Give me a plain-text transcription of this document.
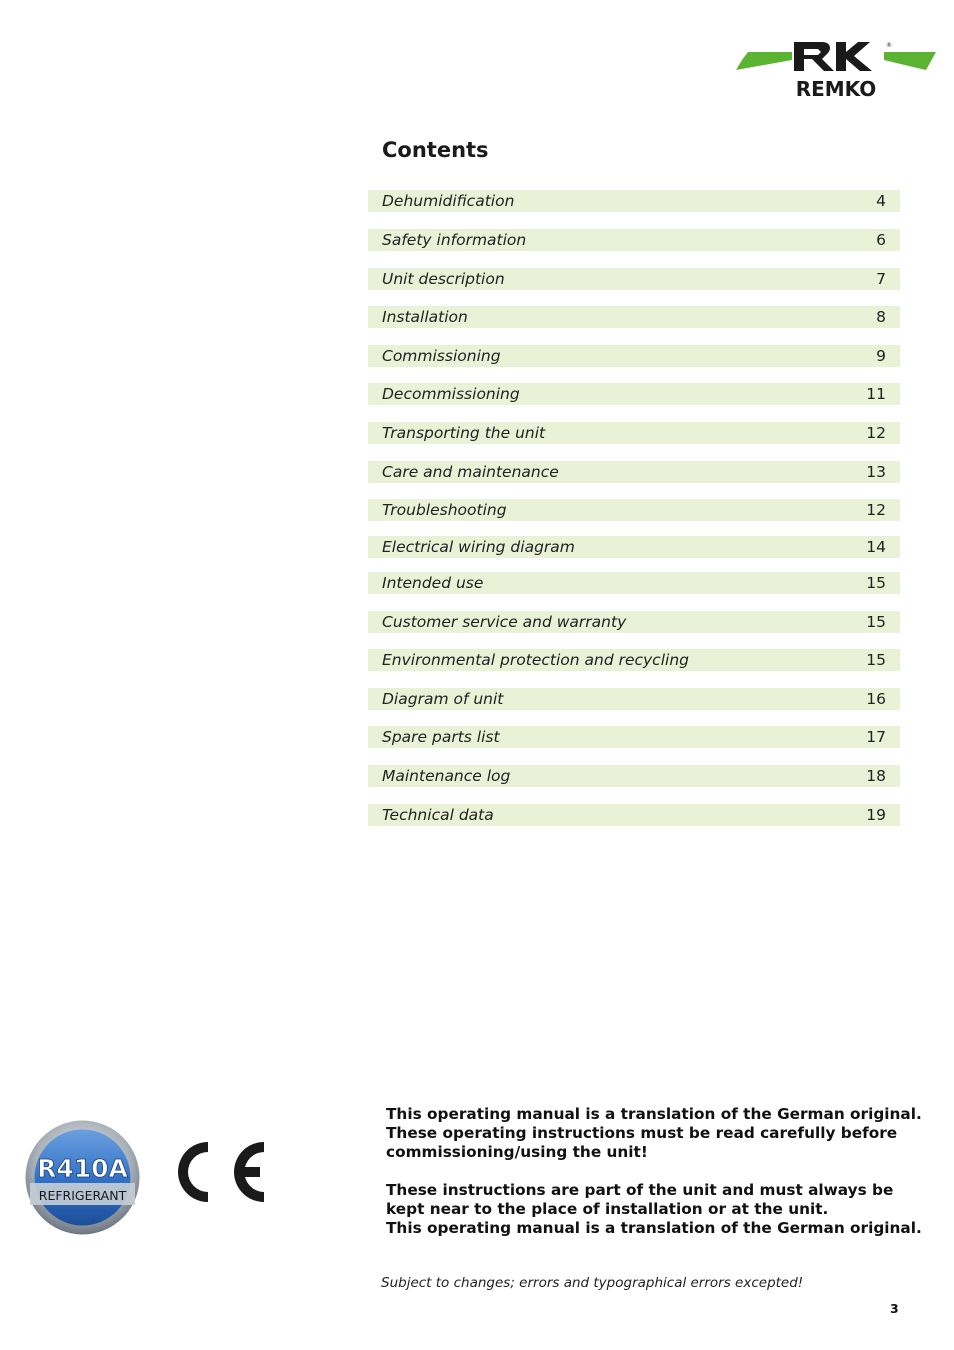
REMKO
®
Contents
Dehumidification	4
Safety information	6
Unit description	7
Installation	8
Commissioning	9
Decommissioning	11
Transporting the unit	12
Care and maintenance	13
Troubleshooting	12
Electrical wiring diagram	14
Intended use	15
Customer service and warranty	15
Environmental protection and recycling	15
Diagram of unit	16
Spare parts list	17
Maintenance log	18
Technical data	19
R410A
REFRIGERANT

This operating manual is a translation of the German original.

These operating instructions must be read carefully before

commissioning/using the unit!

These instructions are part of the unit and must always be

kept near to the place of installation or at the unit.

This operating manual is a translation of the German original.

Subject to changes; errors and typographical errors excepted!
3
